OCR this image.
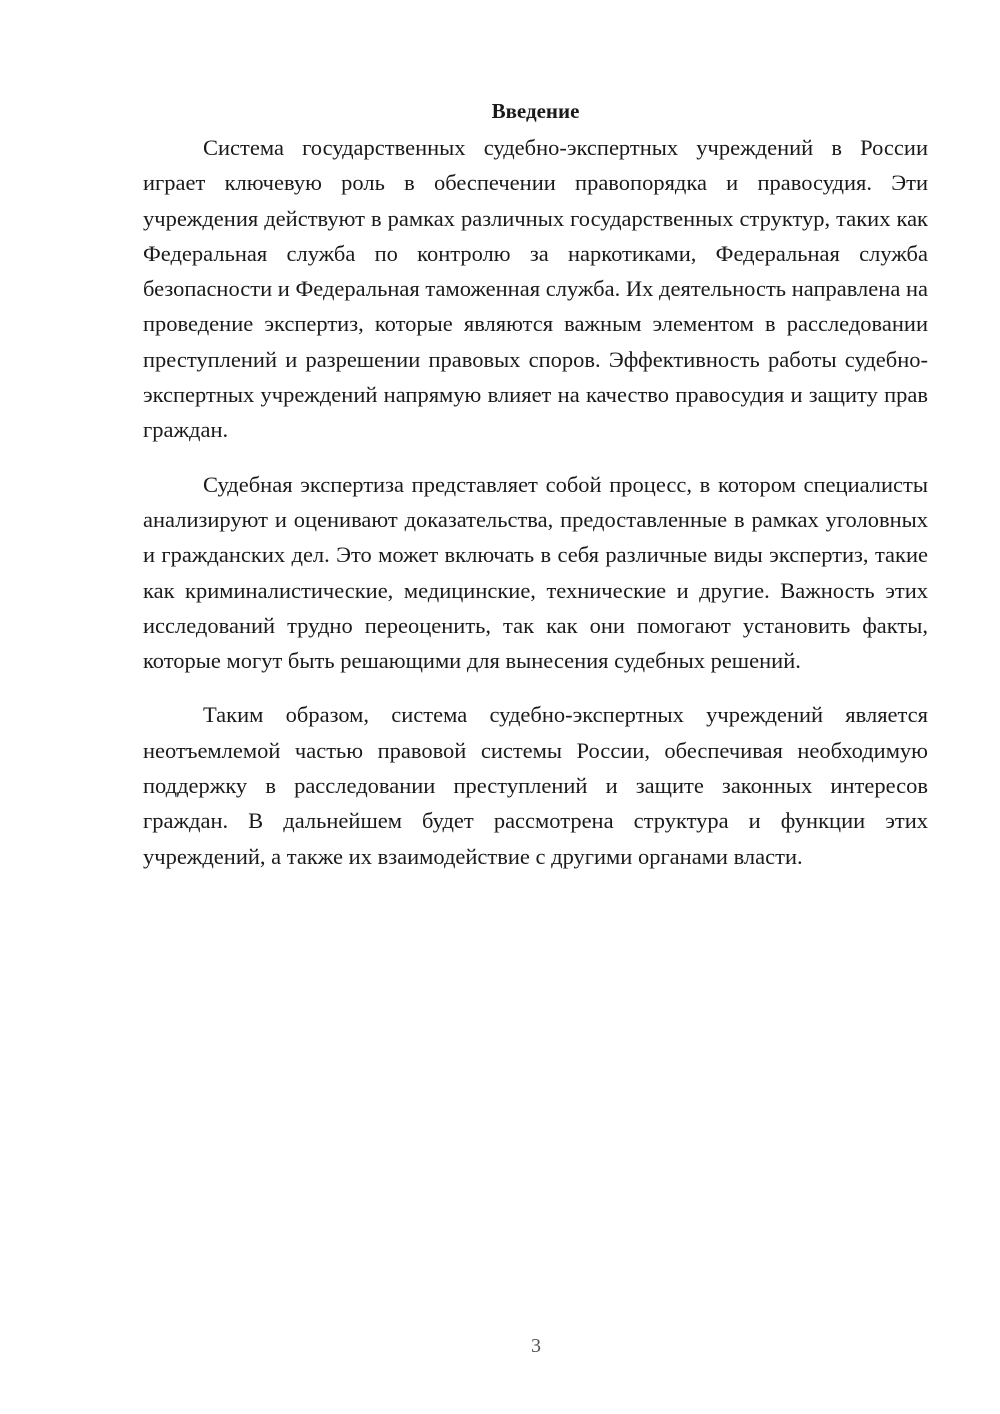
Введение

Система государственных судебно-экспертных учреждений в России играет ключевую роль в обеспечении правопорядка и правосудия. Эти учреждения действуют в рамках различных государственных структур, таких как Федеральная служба по контролю за наркотиками, Федеральная служба безопасности и Федеральная таможенная служба. Их деятельность направлена на проведение экспертиз, которые являются важным элементом в расследовании преступлений и разрешении правовых споров. Эффективность работы судебно-экспертных учреждений напрямую влияет на качество правосудия и защиту прав граждан.

Судебная экспертиза представляет собой процесс, в котором специалисты анализируют и оценивают доказательства, предоставленные в рамках уголовных и гражданских дел. Это может включать в себя различные виды экспертиз, такие как криминалистические, медицинские, технические и другие. Важность этих исследований трудно переоценить, так как они помогают установить факты, которые могут быть решающими для вынесения судебных решений.

Таким образом, система судебно-экспертных учреждений является неотъемлемой частью правовой системы России, обеспечивая необходимую поддержку в расследовании преступлений и защите законных интересов граждан. В дальнейшем будет рассмотрена структура и функции этих учреждений, а также их взаимодействие с другими органами власти.

3
